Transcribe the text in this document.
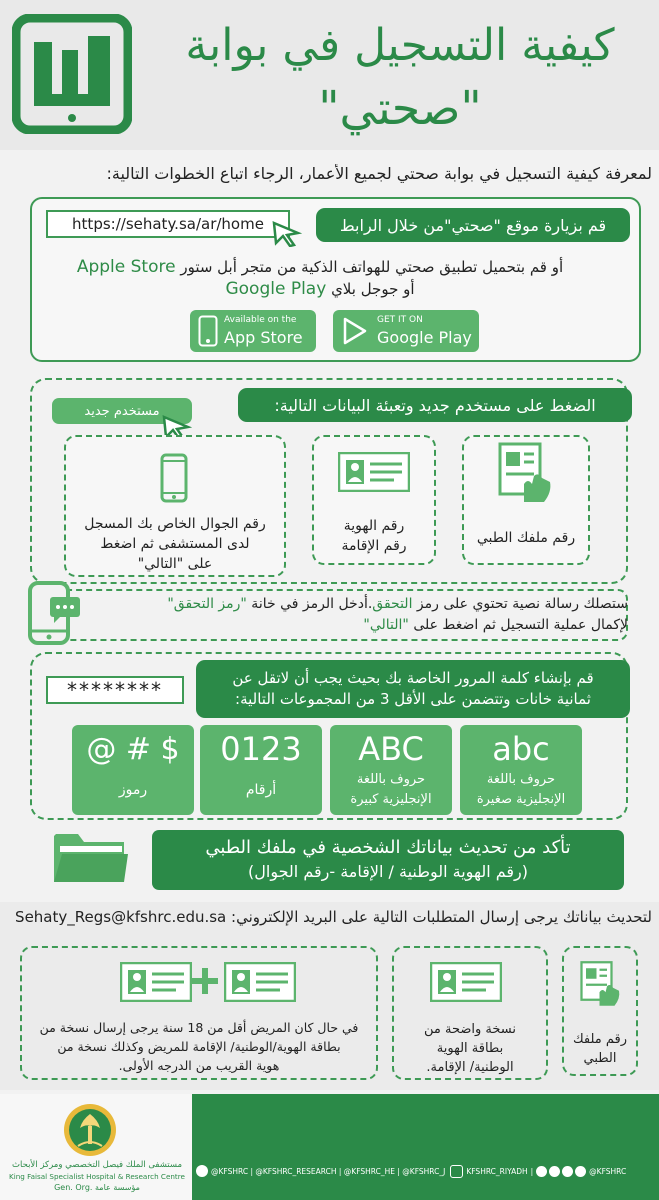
كيفية التسجيل في بوابة
"صحتي"
لمعرفة كيفية التسجيل في بوابة صحتي لجميع الأعمار، الرجاء اتباع الخطوات التالية:
https://sehaty.sa/ar/home	قم بزيارة موقع "صحتي"من خلال الرابط
أو قم بتحميل تطبيق صحتي للهواتف الذكية من متجر أبل ستور Apple Store
أو جوجل بلاي Google Play
Available on the
App Store
GET IT ON
Google Play
الضغط على مستخدم جديد وتعبئة البيانات التالية:
مستخدم جديد
رقم ملفك الطبي
رقم الهوية
رقم الإقامة
رقم الجوال الخاص بك المسجل
لدى المستشفى ثم اضغط
على "التالي"
ستصلك رسالة نصية تحتوي على رمز التحقق.أدخل الرمز في خانة "رمز التحقق"
لإكمال عملية التسجيل ثم اضغط على "التالي"
قم بإنشاء كلمة المرور الخاصة بك بحيث يجب أن لاتقل عن
ثمانية خانات وتتضمن على الأقل 3 من المجموعات التالية:
********
abc
حروف باللغة
الإنجليزية صغيرة
ABC
حروف باللغة
الإنجليزية كبيرة
0123
أرقام
@ # $
رموز
تأكد من تحديث بياناتك الشخصية في ملفك الطبي
(رقم الهوية الوطنية / الإقامة -رقم الجوال)
لتحديث بياناتك يرجى إرسال المتطلبات التالية على البريد الإلكتروني: Sehaty_Regs@kfshrc.edu.sa
رقم ملفك
الطبي
نسخة واضحة من
بطاقة الهوية
الوطنية/ الإقامة.
في حال كان المريض أقل من 18 سنة يرجى إرسال نسخة من
بطاقة الهوية/الوطنية/ الإقامة للمريض وكذلك نسخة من
هوية القريب من الدرجه الأولى.
مستشفى الملك فيصل التخصصي ومركز الأبحاث
King Faisal Specialist Hospital & Research Centre
Gen. Org. مؤسسة عامة
@KFSHRC | @KFSHRC_RESEARCH | @KFSHRC_HE | @KFSHRC_J	KFSHRC_RIYADH |	@KFSHRC
